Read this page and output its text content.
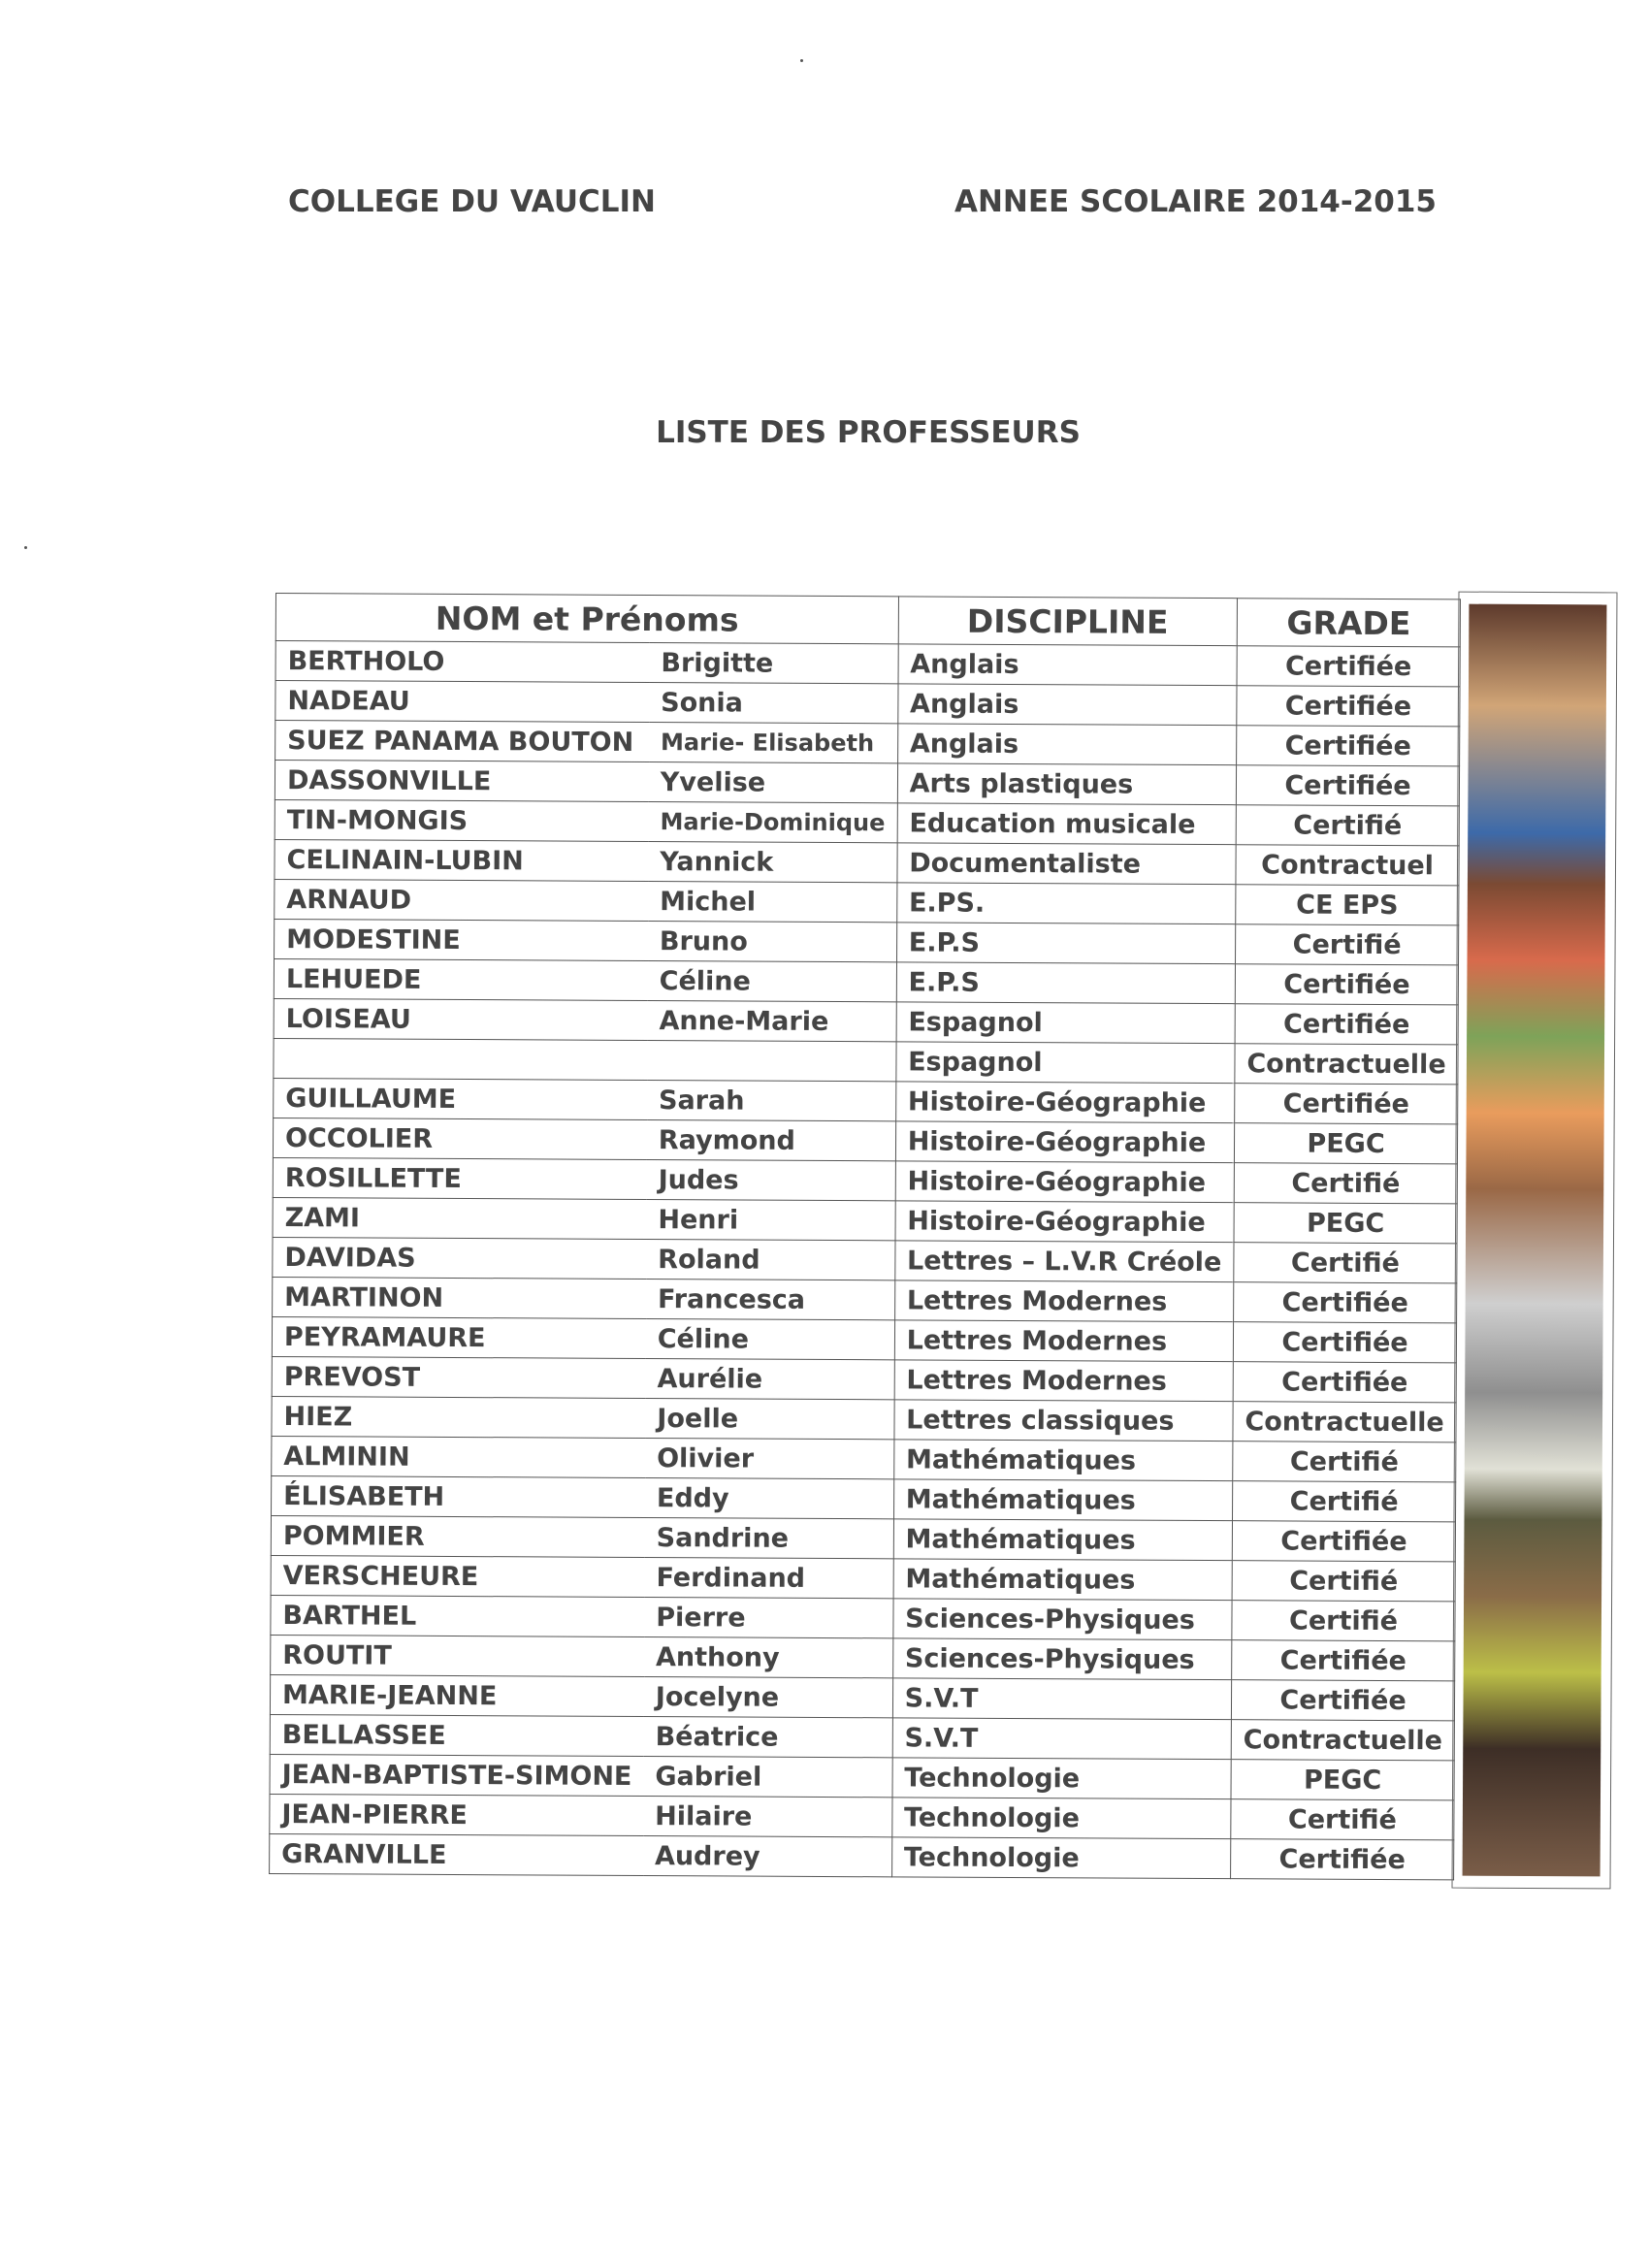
COLLEGE DU VAUCLIN	ANNEE SCOLAIRE 2014-2015
LISTE DES PROFESSEURS
NOM et Prénoms		DISCIPLINE	GRADE
BERTHOLO	Brigitte	Anglais	Certifiée
NADEAU	Sonia	Anglais	Certifiée
SUEZ PANAMA BOUTON	Marie- Elisabeth	Anglais	Certifiée
DASSONVILLE	Yvelise	Arts plastiques	Certifiée
TIN-MONGIS	Marie-Dominique	Education musicale	Certifié
CELINAIN-LUBIN	Yannick	Documentaliste	Contractuel
ARNAUD	Michel	E.PS.	CE EPS
MODESTINE	Bruno	E.P.S	Certifié
LEHUEDE	Céline	E.P.S	Certifiée
LOISEAU	Anne-Marie	Espagnol	Certifiée
		Espagnol	Contractuelle
GUILLAUME	Sarah	Histoire-Géographie	Certifiée
OCCOLIER	Raymond	Histoire-Géographie	PEGC
ROSILLETTE	Judes	Histoire-Géographie	Certifié
ZAMI	Henri	Histoire-Géographie	PEGC
DAVIDAS	Roland	Lettres – L.V.R Créole	Certifié
MARTINON	Francesca	Lettres Modernes	Certifiée
PEYRAMAURE	Céline	Lettres Modernes	Certifiée
PREVOST	Aurélie	Lettres Modernes	Certifiée
HIEZ	Joelle	Lettres classiques	Contractuelle
ALMININ	Olivier	Mathématiques	Certifié
ÉLISABETH	Eddy	Mathématiques	Certifié
POMMIER	Sandrine	Mathématiques	Certifiée
VERSCHEURE	Ferdinand	Mathématiques	Certifié
BARTHEL	Pierre	Sciences-Physiques	Certifié
ROUTIT	Anthony	Sciences-Physiques	Certifiée
MARIE-JEANNE	Jocelyne	S.V.T	Certifiée
BELLASSEE	Béatrice	S.V.T	Contractuelle
JEAN-BAPTISTE-SIMONE	Gabriel	Technologie	PEGC
JEAN-PIERRE	Hilaire	Technologie	Certifié
GRANVILLE	Audrey	Technologie	Certifiée
